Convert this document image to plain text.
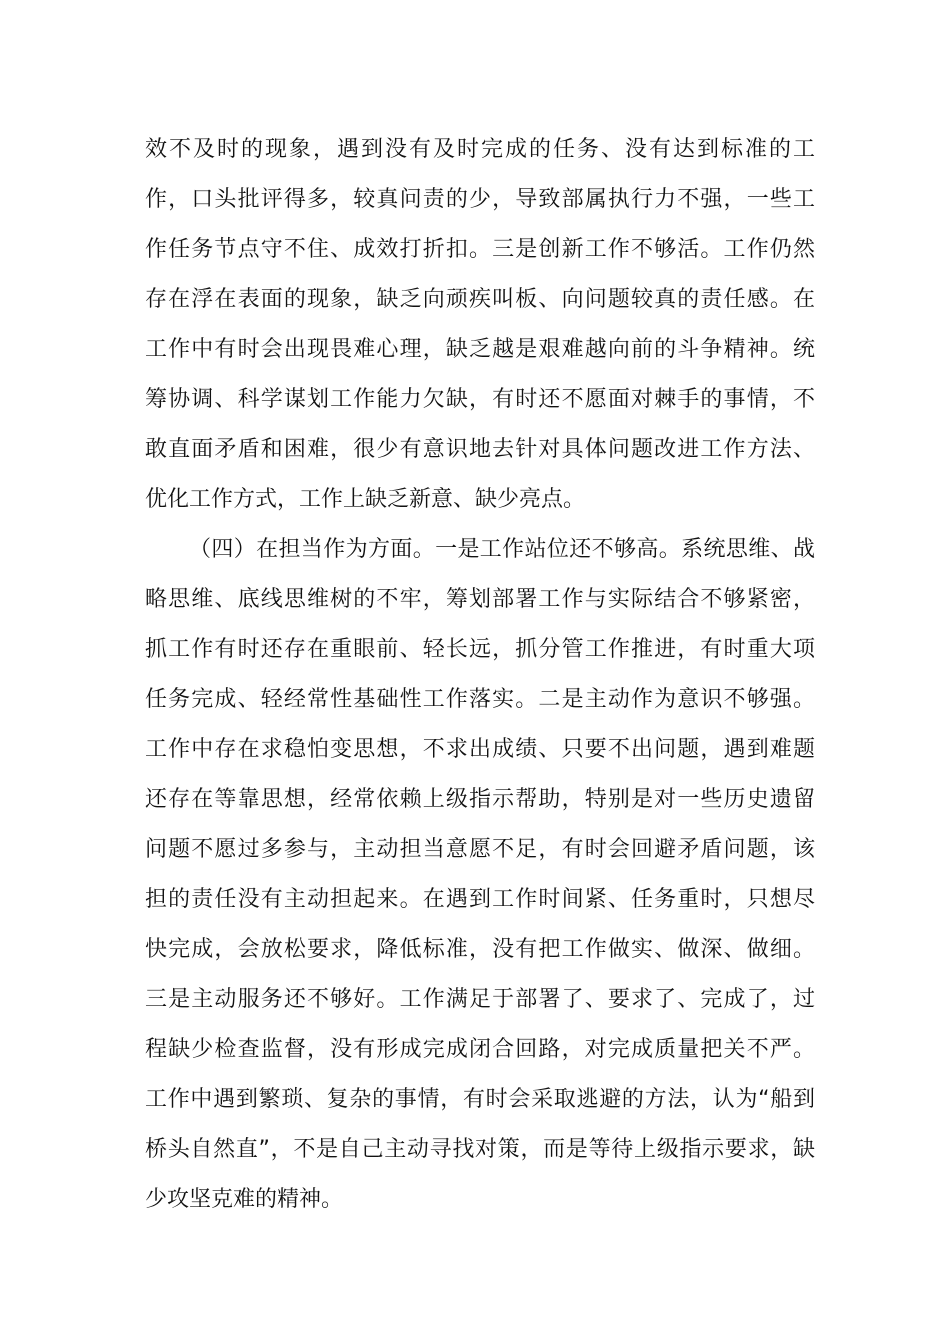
效不及时的现象，遇到没有及时完成的任务、没有达到标准的工
作，口头批评得多，较真问责的少，导致部属执行力不强，一些工
作任务节点守不住、成效打折扣。三是创新工作不够活。工作仍然
存在浮在表面的现象，缺乏向顽疾叫板、向问题较真的责任感。在
工作中有时会出现畏难心理，缺乏越是艰难越向前的斗争精神。统
筹协调、科学谋划工作能力欠缺，有时还不愿面对棘手的事情，不
敢直面矛盾和困难，很少有意识地去针对具体问题改进工作方法、
优化工作方式，工作上缺乏新意、缺少亮点。
（四）在担当作为方面。一是工作站位还不够高。系统思维、战
略思维、底线思维树的不牢，筹划部署工作与实际结合不够紧密，
抓工作有时还存在重眼前、轻长远，抓分管工作推进，有时重大项
任务完成、轻经常性基础性工作落实。二是主动作为意识不够强。
工作中存在求稳怕变思想，不求出成绩、只要不出问题，遇到难题
还存在等靠思想，经常依赖上级指示帮助，特别是对一些历史遗留
问题不愿过多参与，主动担当意愿不足，有时会回避矛盾问题，该
担的责任没有主动担起来。在遇到工作时间紧、任务重时，只想尽
快完成，会放松要求，降低标准，没有把工作做实、做深、做细。
三是主动服务还不够好。工作满足于部署了、要求了、完成了，过
程缺少检查监督，没有形成完成闭合回路，对完成质量把关不严。
工作中遇到繁琐、复杂的事情，有时会采取逃避的方法，认为“船到
桥头自然直”，不是自己主动寻找对策，而是等待上级指示要求，缺
少攻坚克难的精神。
